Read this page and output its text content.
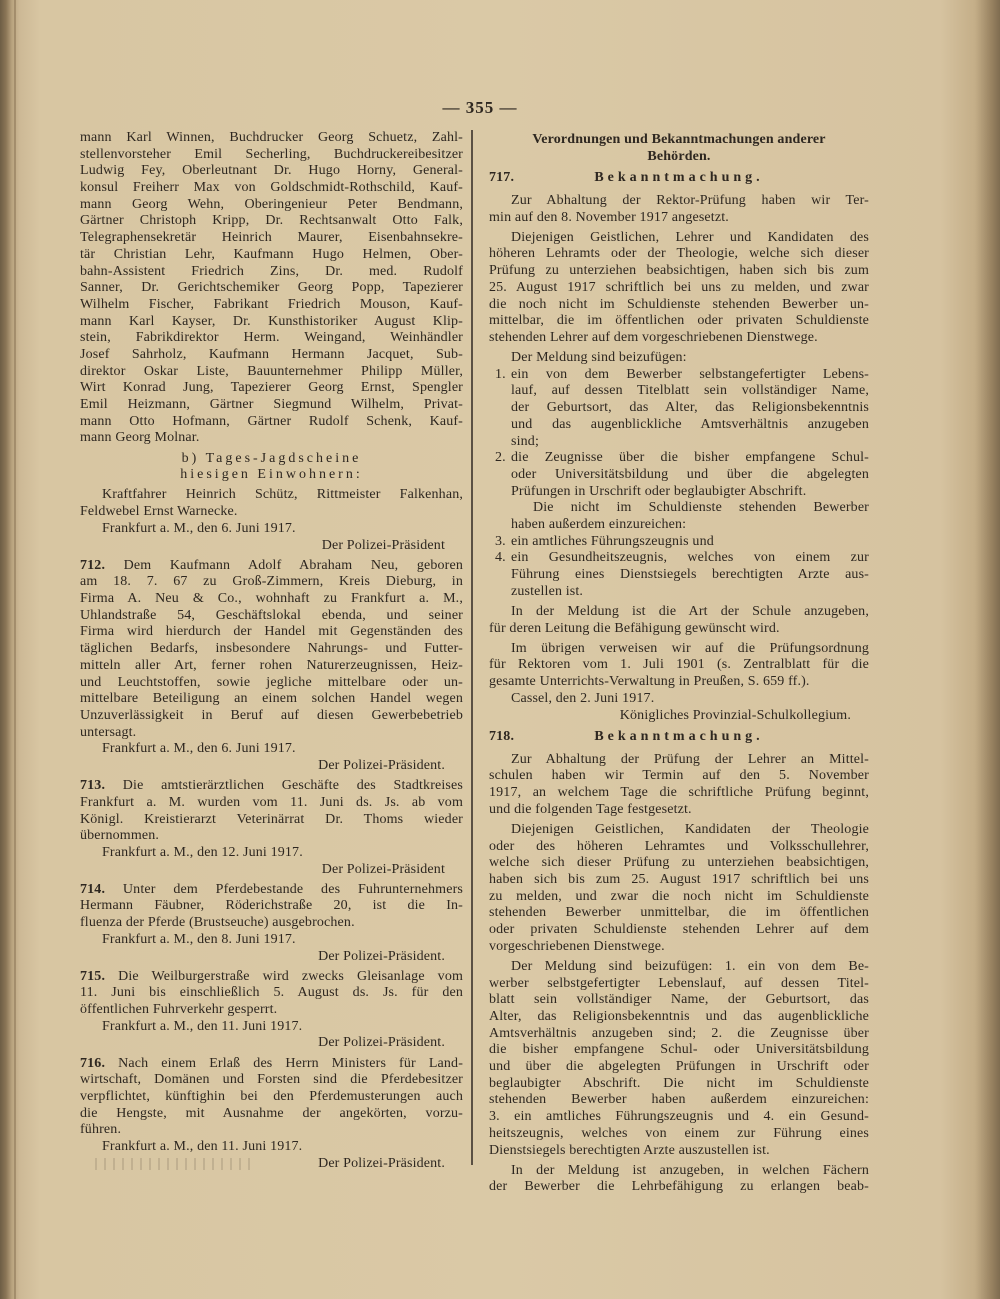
— 355 —
mann Karl Winnen, Buchdrucker Georg Schuetz, Zahl-
stellenvorsteher Emil Secherling, Buchdruckereibesitzer
Ludwig Fey, Oberleutnant Dr. Hugo Horny, General-
konsul Freiherr Max von Goldschmidt-Rothschild, Kauf-
mann Georg Wehn, Oberingenieur Peter Bendmann,
Gärtner Christoph Kripp, Dr. Rechtsanwalt Otto Falk,
Telegraphensekretär Heinrich Maurer, Eisenbahnsekre-
tär Christian Lehr, Kaufmann Hugo Helmen, Ober-
bahn-Assistent Friedrich Zins, Dr. med. Rudolf
Sanner, Dr. Gerichtschemiker Georg Popp, Tapezierer
Wilhelm Fischer, Fabrikant Friedrich Mouson, Kauf-
mann Karl Kayser, Dr. Kunsthistoriker August Klip-
stein, Fabrikdirektor Herm. Weingand, Weinhändler
Josef Sahrholz, Kaufmann Hermann Jacquet, Sub-
direktor Oskar Liste, Bauunternehmer Philipp Müller,
Wirt Konrad Jung, Tapezierer Georg Ernst, Spengler
Emil Heizmann, Gärtner Siegmund Wilhelm, Privat-
mann Otto Hofmann, Gärtner Rudolf Schenk, Kauf-
mann Georg Molnar.
b) Tages-Jagdscheine
hiesigen Einwohnern:
Kraftfahrer Heinrich Schütz, Rittmeister Falkenhan,
Feldwebel Ernst Warnecke.
Frankfurt a. M., den 6. Juni 1917.
Der Polizei-Präsident
712. Dem Kaufmann Adolf Abraham Neu, geboren
am 18. 7. 67 zu Groß-Zimmern, Kreis Dieburg, in
Firma A. Neu & Co., wohnhaft zu Frankfurt a. M.,
Uhlandstraße 54, Geschäftslokal ebenda, und seiner
Firma wird hierdurch der Handel mit Gegenständen des
täglichen Bedarfs, insbesondere Nahrungs- und Futter-
mitteln aller Art, ferner rohen Naturerzeugnissen, Heiz-
und Leuchtstoffen, sowie jegliche mittelbare oder un-
mittelbare Beteiligung an einem solchen Handel wegen
Unzuverlässigkeit in Beruf auf diesen Gewerbebetrieb
untersagt.
Frankfurt a. M., den 6. Juni 1917.
Der Polizei-Präsident.
713. Die amtstierärztlichen Geschäfte des Stadtkreises
Frankfurt a. M. wurden vom 11. Juni ds. Js. ab vom
Königl. Kreistierarzt Veterinärrat Dr. Thoms wieder
übernommen.
Frankfurt a. M., den 12. Juni 1917.
Der Polizei-Präsident
714. Unter dem Pferdebestande des Fuhrunternehmers
Hermann Fäubner, Röderichstraße 20, ist die In-
fluenza der Pferde (Brustseuche) ausgebrochen.
Frankfurt a. M., den 8. Juni 1917.
Der Polizei-Präsident.
715. Die Weilburgerstraße wird zwecks Gleisanlage vom
11. Juni bis einschließlich 5. August ds. Js. für den
öffentlichen Fuhrverkehr gesperrt.
Frankfurt a. M., den 11. Juni 1917.
Der Polizei-Präsident.
716. Nach einem Erlaß des Herrn Ministers für Land-
wirtschaft, Domänen und Forsten sind die Pferdebesitzer
verpflichtet, künftighin bei den Pferdemusterungen auch
die Hengste, mit Ausnahme der angekörten, vorzu-
führen.
Frankfurt a. M., den 11. Juni 1917.
Der Polizei-Präsident.
Verordnungen und Bekanntmachungen anderer
Behörden.
717.	Bekanntmachung.
Zur Abhaltung der Rektor-Prüfung haben wir Ter-
min auf den 8. November 1917 angesetzt.
Diejenigen Geistlichen, Lehrer und Kandidaten des
höheren Lehramts oder der Theologie, welche sich dieser
Prüfung zu unterziehen beabsichtigen, haben sich bis zum
25. August 1917 schriftlich bei uns zu melden, und zwar
die noch nicht im Schuldienste stehenden Bewerber un-
mittelbar, die im öffentlichen oder privaten Schuldienste
stehenden Lehrer auf dem vorgeschriebenen Dienstwege.
Der Meldung sind beizufügen:
1. ein von dem Bewerber selbstangefertigter Lebens-
lauf, auf dessen Titelblatt sein vollständiger Name,
der Geburtsort, das Alter, das Religionsbekenntnis
und das augenblickliche Amtsverhältnis anzugeben
sind;
2. die Zeugnisse über die bisher empfangene Schul-
oder Universitätsbildung und über die abgelegten
Prüfungen in Urschrift oder beglaubigter Abschrift.
Die nicht im Schuldienste stehenden Bewerber
haben außerdem einzureichen:
3. ein amtliches Führungszeugnis und
4. ein Gesundheitszeugnis, welches von einem zur
Führung eines Dienstsiegels berechtigten Arzte aus-
zustellen ist.
In der Meldung ist die Art der Schule anzugeben,
für deren Leitung die Befähigung gewünscht wird.
Im übrigen verweisen wir auf die Prüfungsordnung
für Rektoren vom 1. Juli 1901 (s. Zentralblatt für die
gesamte Unterrichts-Verwaltung in Preußen, S. 659 ff.).
Cassel, den 2. Juni 1917.
Königliches Provinzial-Schulkollegium.
718.	Bekanntmachung.
Zur Abhaltung der Prüfung der Lehrer an Mittel-
schulen haben wir Termin auf den 5. November
1917, an welchem Tage die schriftliche Prüfung beginnt,
und die folgenden Tage festgesetzt.
Diejenigen Geistlichen, Kandidaten der Theologie
oder des höheren Lehramtes und Volksschullehrer,
welche sich dieser Prüfung zu unterziehen beabsichtigen,
haben sich bis zum 25. August 1917 schriftlich bei uns
zu melden, und zwar die noch nicht im Schuldienste
stehenden Bewerber unmittelbar, die im öffentlichen
oder privaten Schuldienste stehenden Lehrer auf dem
vorgeschriebenen Dienstwege.
Der Meldung sind beizufügen: 1. ein von dem Be-
werber selbstgefertigter Lebenslauf, auf dessen Titel-
blatt sein vollständiger Name, der Geburtsort, das
Alter, das Religionsbekenntnis und das augenblickliche
Amtsverhältnis anzugeben sind; 2. die Zeugnisse über
die bisher empfangene Schul- oder Universitätsbildung
und über die abgelegten Prüfungen in Urschrift oder
beglaubigter Abschrift. Die nicht im Schuldienste
stehenden Bewerber haben außerdem einzureichen:
3. ein amtliches Führungszeugnis und 4. ein Gesund-
heitszeugnis, welches von einem zur Führung eines
Dienstsiegels berechtigten Arzte auszustellen ist.
In der Meldung ist anzugeben, in welchen Fächern
der Bewerber die Lehrbefähigung zu erlangen beab-
